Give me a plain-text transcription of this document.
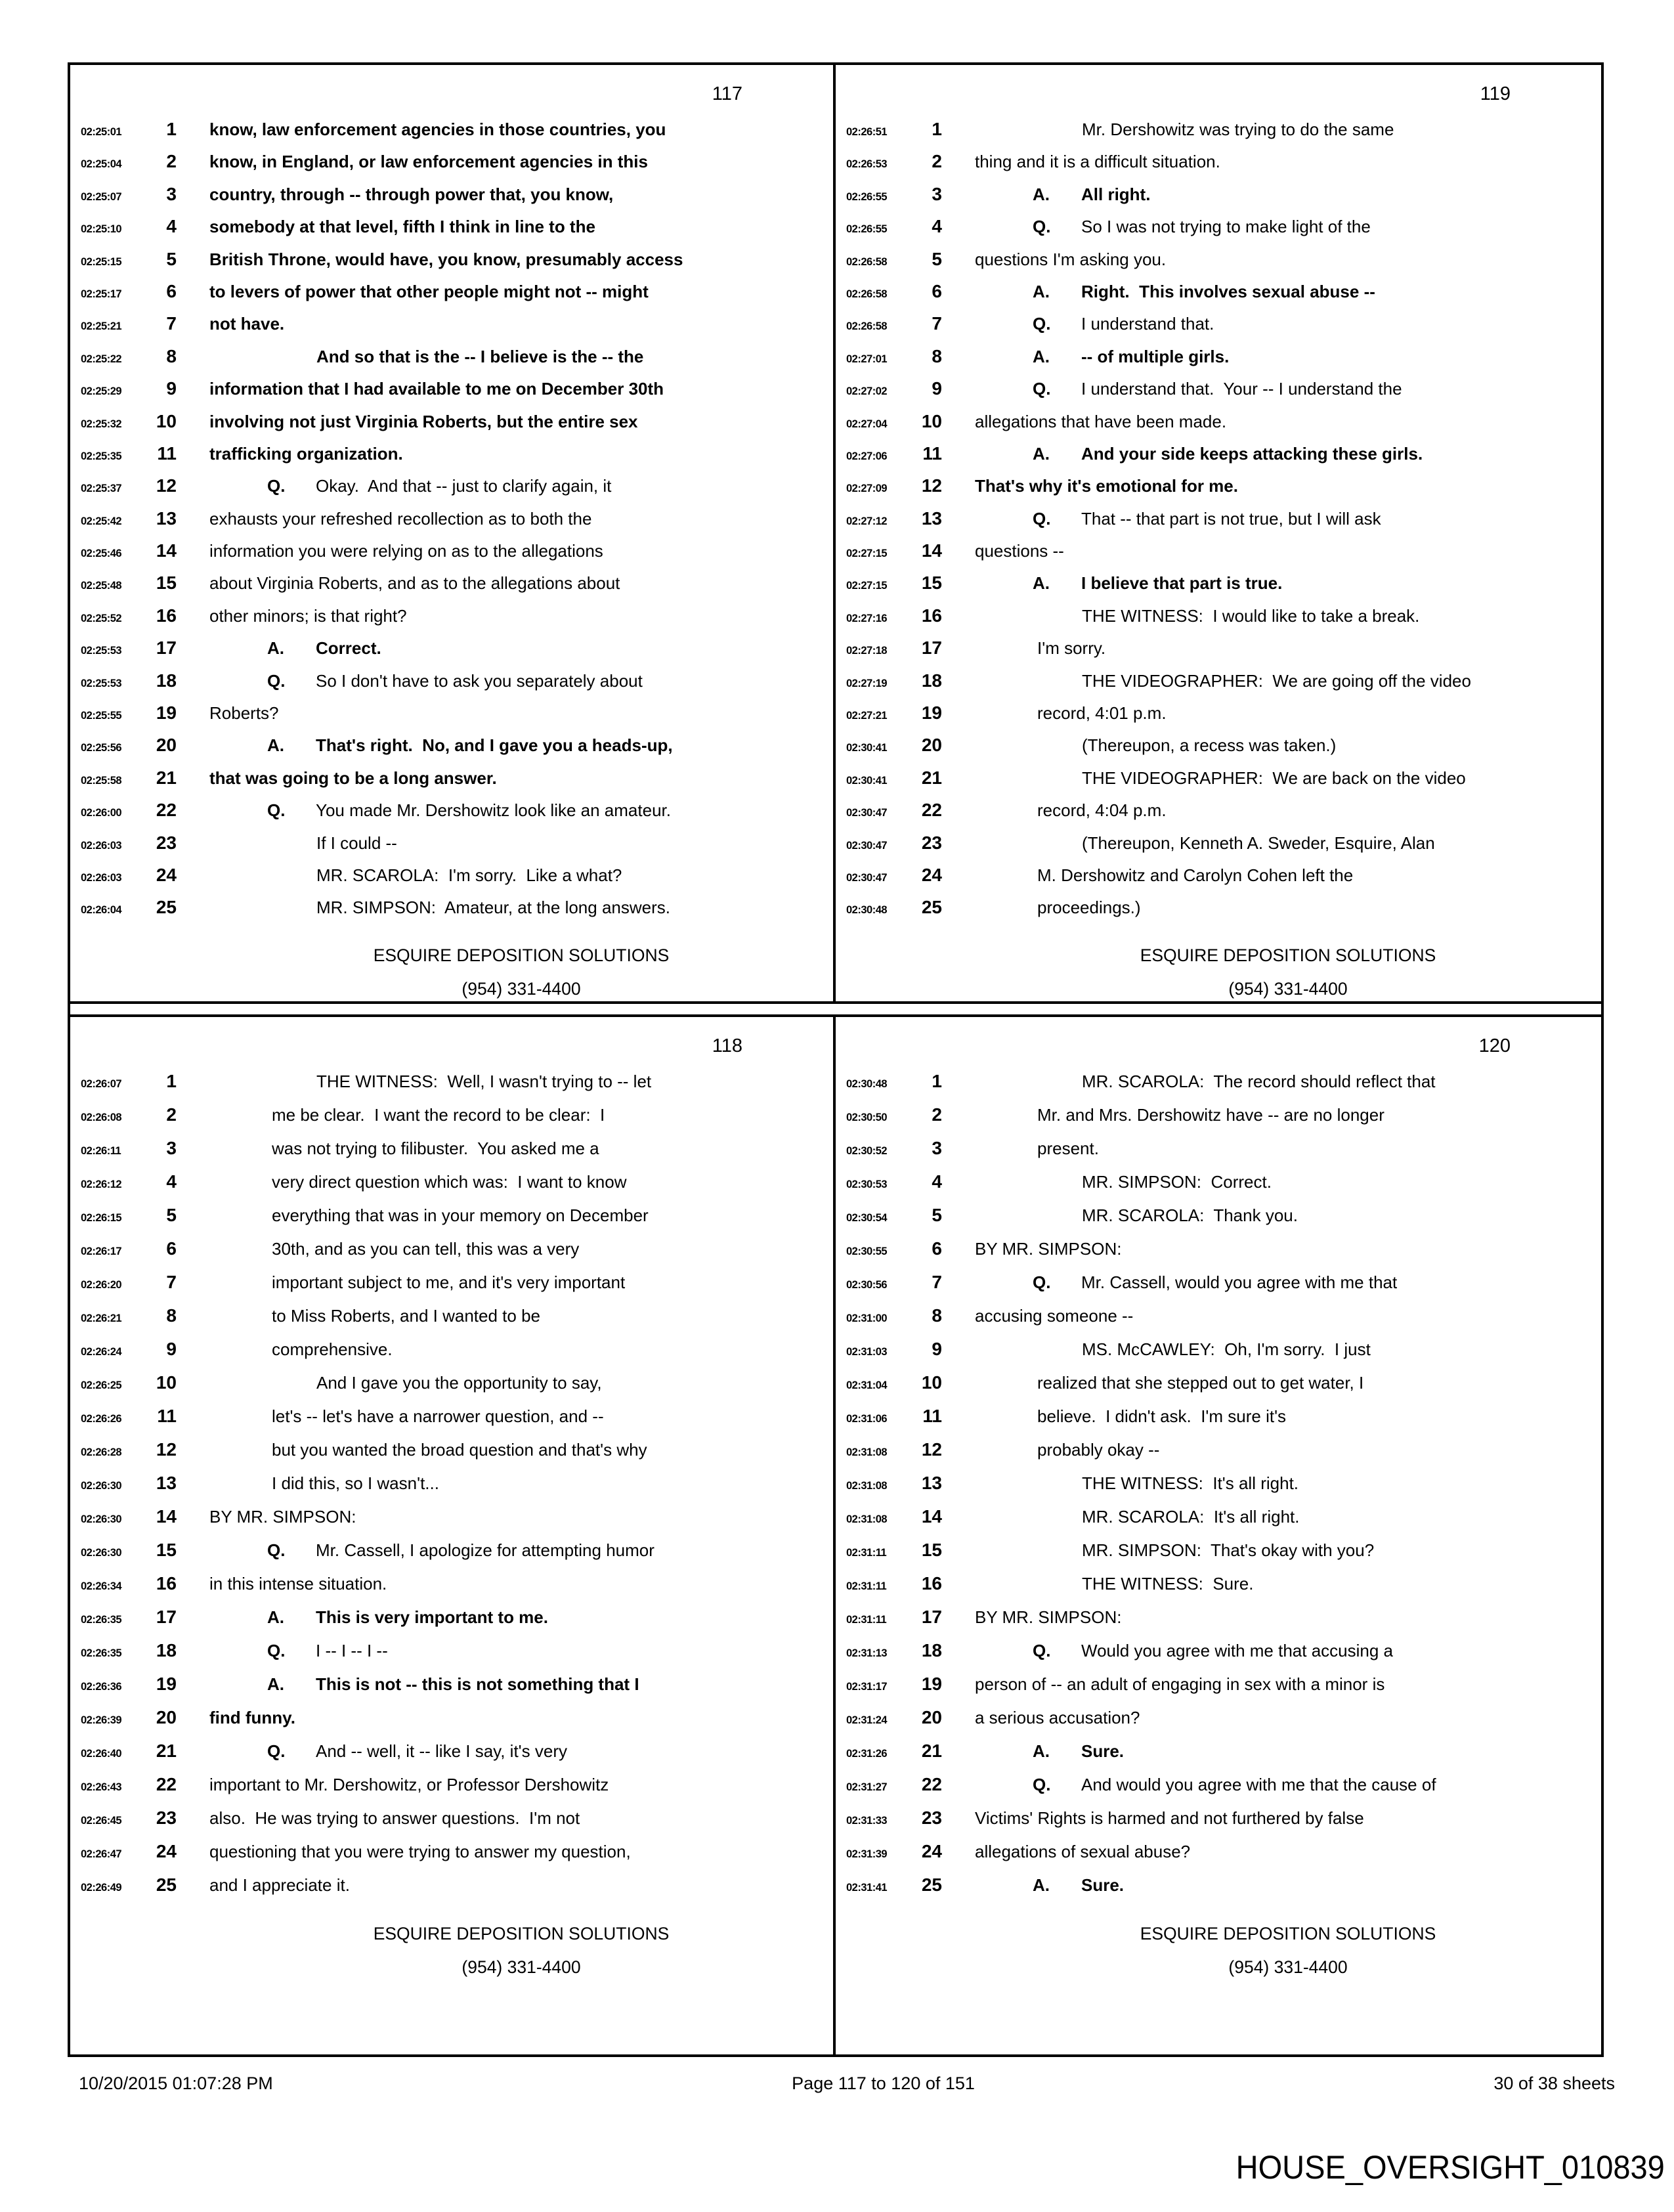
117
02:25:01	1 know, law enforcement agencies in those countries, you
02:25:04	2 know, in England, or law enforcement agencies in this
02:25:07	3 country, through -- through power that, you know,
02:25:10	4 somebody at that level, fifth I think in line to the
02:25:15	5 British Throne, would have, you know, presumably access
02:25:17	6 to levers of power that other people might not -- might
02:25:21	7 not have.
02:25:22	8	And so that is the -- I believe is the -- the
02:25:29	9 information that I had available to me on December 30th
02:25:32	10 involving not just Virginia Roberts, but the entire sex
02:25:35	11 trafficking organization.
02:25:37	12	Q. Okay.  And that -- just to clarify again, it
02:25:42	13 exhausts your refreshed recollection as to both the
02:25:46	14 information you were relying on as to the allegations
02:25:48	15 about Virginia Roberts, and as to the allegations about
02:25:52	16 other minors; is that right?
02:25:53	17	A. Correct.
02:25:53	18	Q. So I don't have to ask you separately about
02:25:55	19 Roberts?
02:25:56	20	A. That's right.  No, and I gave you a heads-up,
02:25:58	21 that was going to be a long answer.
02:26:00	22	Q. You made Mr. Dershowitz look like an amateur.
02:26:03	23	If I could --
02:26:03	24	MR. SCAROLA:  I'm sorry.  Like a what?
02:26:04	25	MR. SIMPSON:  Amateur, at the long answers.
ESQUIRE DEPOSITION SOLUTIONS
(954) 331-4400
119
02:26:51	1	Mr. Dershowitz was trying to do the same
02:26:53	2 thing and it is a difficult situation.
02:26:55	3	A. All right.
02:26:55	4	Q. So I was not trying to make light of the
02:26:58	5 questions I'm asking you.
02:26:58	6	A. Right.  This involves sexual abuse --
02:26:58	7	Q. I understand that.
02:27:01	8	A. -- of multiple girls.
02:27:02	9	Q. I understand that.  Your -- I understand the
02:27:04	10 allegations that have been made.
02:27:06	11	A. And your side keeps attacking these girls.
02:27:09	12 That's why it's emotional for me.
02:27:12	13	Q. That -- that part is not true, but I will ask
02:27:15	14 questions --
02:27:15	15	A. I believe that part is true.
02:27:16	16	THE WITNESS:  I would like to take a break.
02:27:18	17	I'm sorry.
02:27:19	18	THE VIDEOGRAPHER:  We are going off the video
02:27:21	19	record, 4:01 p.m.
02:30:41	20	(Thereupon, a recess was taken.)
02:30:41	21	THE VIDEOGRAPHER:  We are back on the video
02:30:47	22	record, 4:04 p.m.
02:30:47	23	(Thereupon, Kenneth A. Sweder, Esquire, Alan
02:30:47	24	M. Dershowitz and Carolyn Cohen left the
02:30:48	25	proceedings.)
ESQUIRE DEPOSITION SOLUTIONS
(954) 331-4400
118
02:26:07	1	THE WITNESS:  Well, I wasn't trying to -- let
02:26:08	2	me be clear.  I want the record to be clear:  I
02:26:11	3	was not trying to filibuster.  You asked me a
02:26:12	4	very direct question which was:  I want to know
02:26:15	5	everything that was in your memory on December
02:26:17	6	30th, and as you can tell, this was a very
02:26:20	7	important subject to me, and it's very important
02:26:21	8	to Miss Roberts, and I wanted to be
02:26:24	9	comprehensive.
02:26:25	10	And I gave you the opportunity to say,
02:26:26	11	let's -- let's have a narrower question, and --
02:26:28	12	but you wanted the broad question and that's why
02:26:30	13	I did this, so I wasn't...
02:26:30	14 BY MR. SIMPSON:
02:26:30	15	Q. Mr. Cassell, I apologize for attempting humor
02:26:34	16 in this intense situation.
02:26:35	17	A. This is very important to me.
02:26:35	18	Q. I -- I -- I --
02:26:36	19	A. This is not -- this is not something that I
02:26:39	20 find funny.
02:26:40	21	Q. And -- well, it -- like I say, it's very
02:26:43	22 important to Mr. Dershowitz, or Professor Dershowitz
02:26:45	23 also.  He was trying to answer questions.  I'm not
02:26:47	24 questioning that you were trying to answer my question,
02:26:49	25 and I appreciate it.
ESQUIRE DEPOSITION SOLUTIONS
(954) 331-4400
120
02:30:48	1	MR. SCAROLA:  The record should reflect that
02:30:50	2	Mr. and Mrs. Dershowitz have -- are no longer
02:30:52	3	present.
02:30:53	4	MR. SIMPSON:  Correct.
02:30:54	5	MR. SCAROLA:  Thank you.
02:30:55	6 BY MR. SIMPSON:
02:30:56	7	Q. Mr. Cassell, would you agree with me that
02:31:00	8 accusing someone --
02:31:03	9	MS. McCAWLEY:  Oh, I'm sorry.  I just
02:31:04	10	realized that she stepped out to get water, I
02:31:06	11	believe.  I didn't ask.  I'm sure it's
02:31:08	12	probably okay --
02:31:08	13	THE WITNESS:  It's all right.
02:31:08	14	MR. SCAROLA:  It's all right.
02:31:11	15	MR. SIMPSON:  That's okay with you?
02:31:11	16	THE WITNESS:  Sure.
02:31:11	17 BY MR. SIMPSON:
02:31:13	18	Q. Would you agree with me that accusing a
02:31:17	19 person of -- an adult of engaging in sex with a minor is
02:31:24	20 a serious accusation?
02:31:26	21	A. Sure.
02:31:27	22	Q. And would you agree with me that the cause of
02:31:33	23 Victims' Rights is harmed and not furthered by false
02:31:39	24 allegations of sexual abuse?
02:31:41	25	A. Sure.
ESQUIRE DEPOSITION SOLUTIONS
(954) 331-4400
10/20/2015 01:07:28 PM	Page 117 to 120 of 151	30 of 38 sheets
HOUSE_OVERSIGHT_010839
